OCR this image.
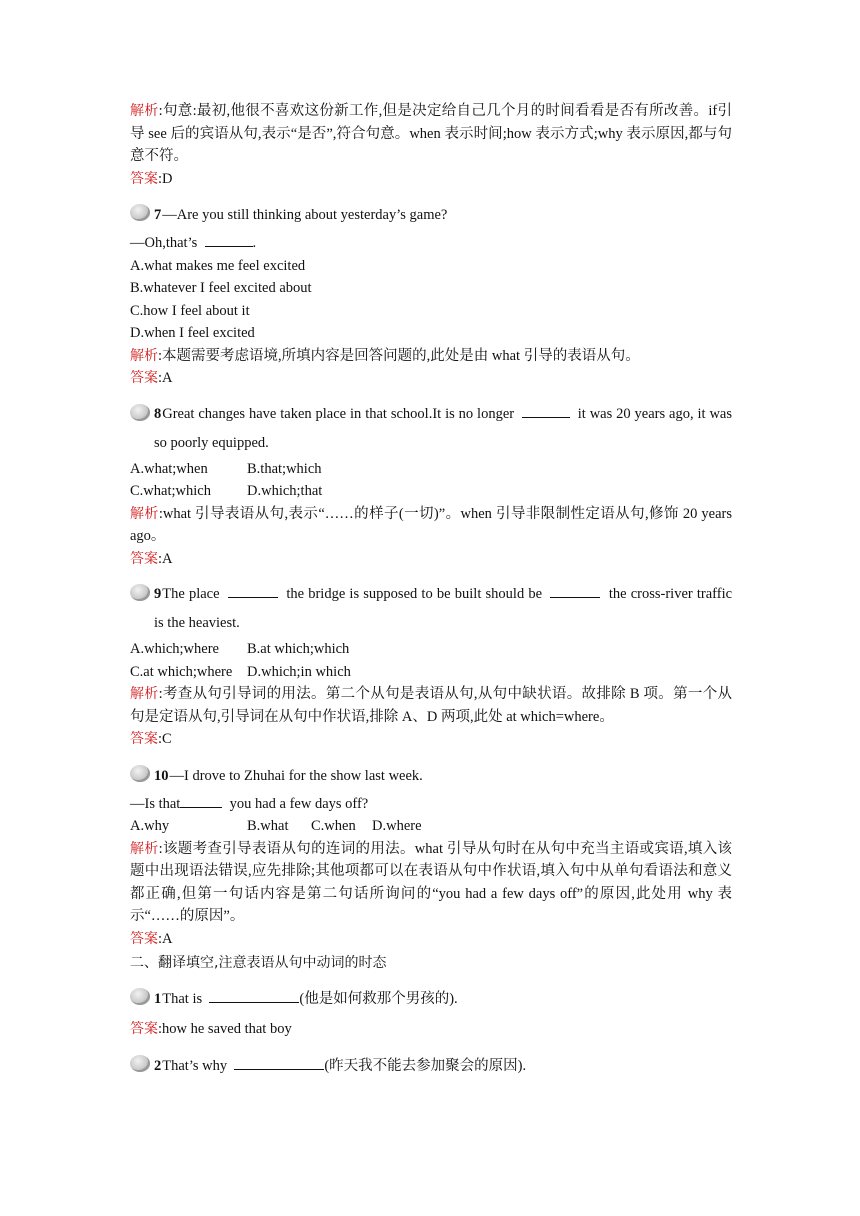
解析:句意:最初,他很不喜欢这份新工作,但是决定给自己几个月的时间看看是否有所改善。if引导 see 后的宾语从句,表示“是否”,符合句意。when 表示时间;how 表示方式;why 表示原因,都与句意不符。
答案:D
7—Are you still thinking about yesterday’s game?
—Oh,that’s	.
A.what makes me feel excited
B.whatever I feel excited about
C.how I feel about it
D.when I feel excited
解析:本题需要考虑语境,所填内容是回答问题的,此处是由 what 引导的表语从句。
答案:A
8Great changes have taken place in that school.It is no longer	it was 20 years ago, it was so poorly equipped.
A.what;when	B.that;which
C.what;which	D.which;that
解析:what 引导表语从句,表示“……的样子(一切)”。when 引导非限制性定语从句,修饰 20 years ago。
答案:A
9The place	the bridge is supposed to be built should be	the cross-river traffic is the heaviest.
A.which;where	B.at which;which
C.at which;where	D.which;in which
解析:考查从句引导词的用法。第二个从句是表语从句,从句中缺状语。故排除 B 项。第一个从句是定语从句,引导词在从句中作状语,排除 A、D 两项,此处 at which=where。
答案:C
10—I drove to Zhuhai for the show last week.
—Is that	you had a few days off?
A.why	B.what	C.when	D.where
解析:该题考查引导表语从句的连词的用法。what 引导从句时在从句中充当主语或宾语,填入该题中出现语法错误,应先排除;其他项都可以在表语从句中作状语,填入句中从单句看语法和意义都正确,但第一句话内容是第二句话所询问的“you had a few days off”的原因,此处用 why 表示“……的原因”。
答案:A
二、翻译填空,注意表语从句中动词的时态
1That is	(他是如何救那个男孩的).
答案:how he saved that boy
2That’s why	(昨天我不能去参加聚会的原因).
